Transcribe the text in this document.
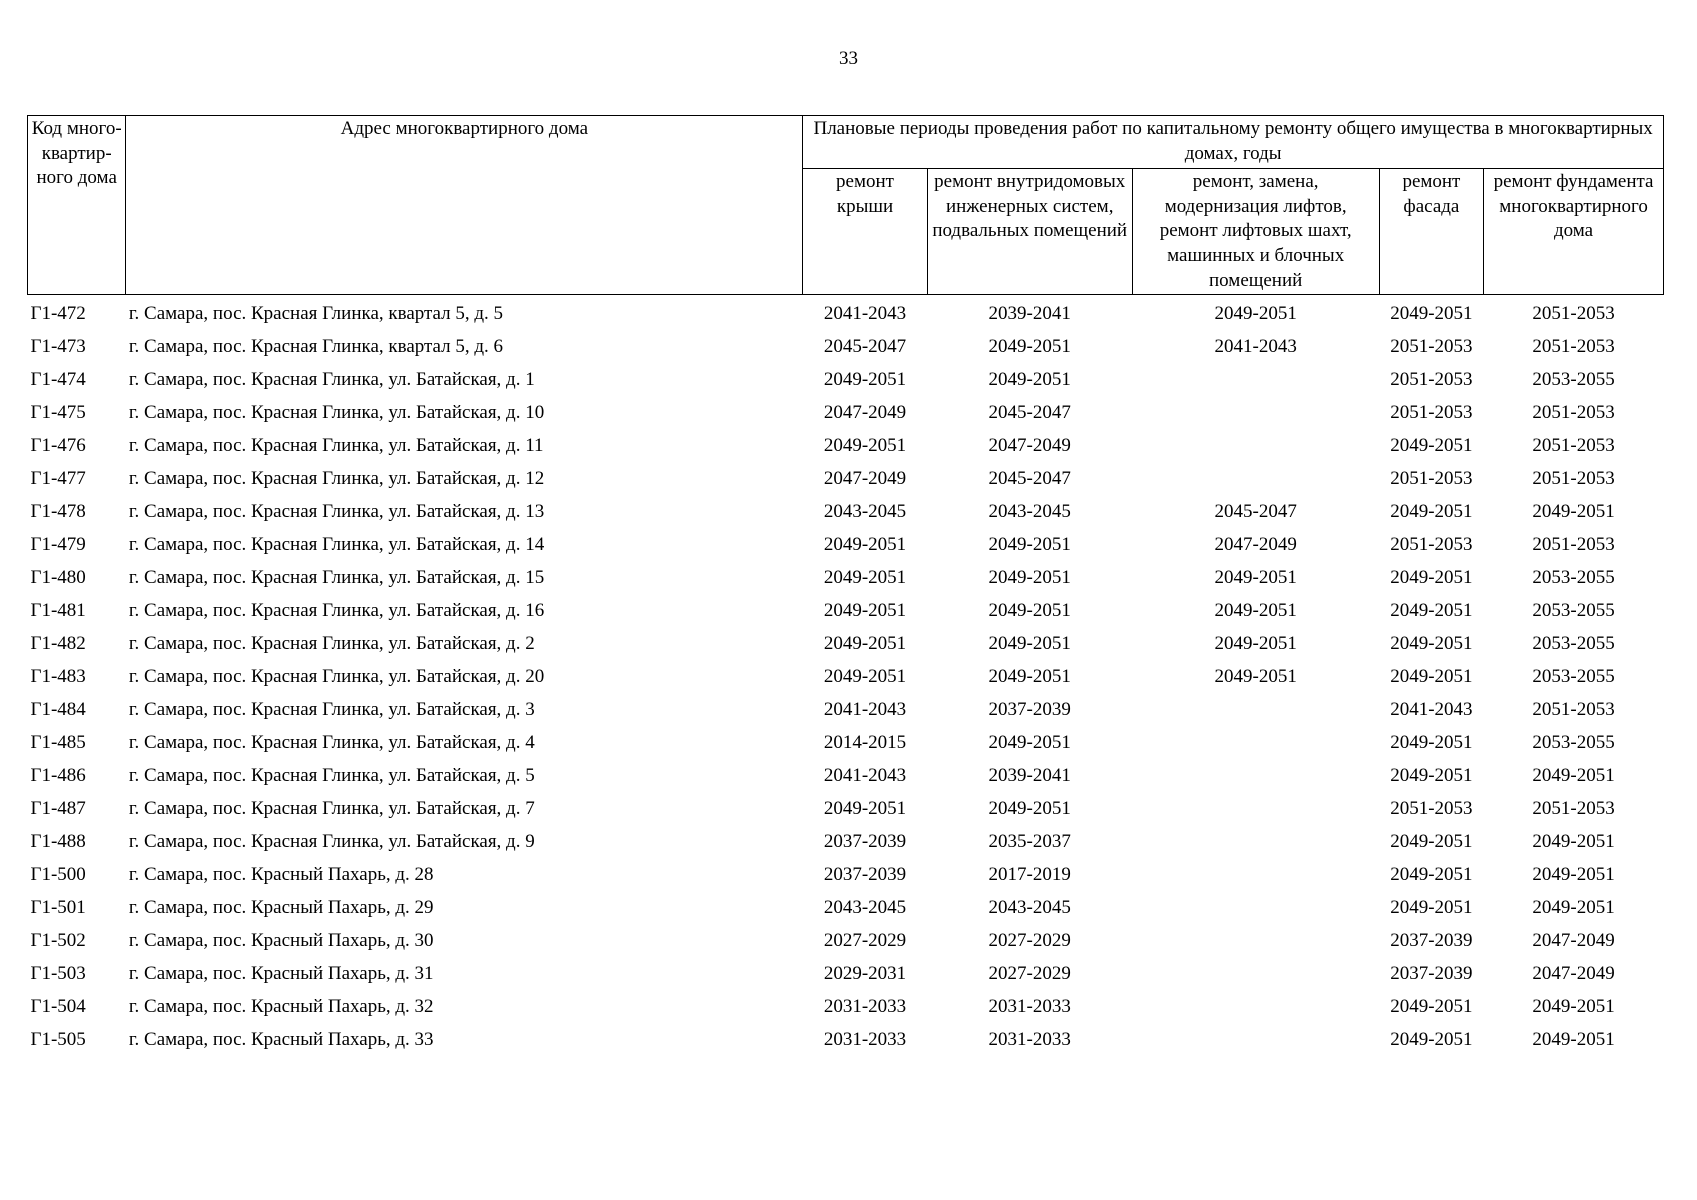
33
Код много-квартир-ного дома	Адрес многоквартирного дома	Плановые периоды проведения работ по капитальному ремонту общего имущества в многоквартирных домах, годы				
		ремонт крыши	ремонт внутридомовых инженерных систем, подвальных помещений	ремонт, замена, модернизация лифтов, ремонт лифтовых шахт, машинных и блочных помещений	ремонт фасада	ремонт фундамента многоквартирного дома
Г1-472	г. Самара, пос. Красная Глинка, квартал 5, д. 5	2041-2043	2039-2041	2049-2051	2049-2051	2051-2053
Г1-473	г. Самара, пос. Красная Глинка, квартал 5, д. 6	2045-2047	2049-2051	2041-2043	2051-2053	2051-2053
Г1-474	г. Самара, пос. Красная Глинка, ул. Батайская, д. 1	2049-2051	2049-2051		2051-2053	2053-2055
Г1-475	г. Самара, пос. Красная Глинка, ул. Батайская, д. 10	2047-2049	2045-2047		2051-2053	2051-2053
Г1-476	г. Самара, пос. Красная Глинка, ул. Батайская, д. 11	2049-2051	2047-2049		2049-2051	2051-2053
Г1-477	г. Самара, пос. Красная Глинка, ул. Батайская, д. 12	2047-2049	2045-2047		2051-2053	2051-2053
Г1-478	г. Самара, пос. Красная Глинка, ул. Батайская, д. 13	2043-2045	2043-2045	2045-2047	2049-2051	2049-2051
Г1-479	г. Самара, пос. Красная Глинка, ул. Батайская, д. 14	2049-2051	2049-2051	2047-2049	2051-2053	2051-2053
Г1-480	г. Самара, пос. Красная Глинка, ул. Батайская, д. 15	2049-2051	2049-2051	2049-2051	2049-2051	2053-2055
Г1-481	г. Самара, пос. Красная Глинка, ул. Батайская, д. 16	2049-2051	2049-2051	2049-2051	2049-2051	2053-2055
Г1-482	г. Самара, пос. Красная Глинка, ул. Батайская, д. 2	2049-2051	2049-2051	2049-2051	2049-2051	2053-2055
Г1-483	г. Самара, пос. Красная Глинка, ул. Батайская, д. 20	2049-2051	2049-2051	2049-2051	2049-2051	2053-2055
Г1-484	г. Самара, пос. Красная Глинка, ул. Батайская, д. 3	2041-2043	2037-2039		2041-2043	2051-2053
Г1-485	г. Самара, пос. Красная Глинка, ул. Батайская, д. 4	2014-2015	2049-2051		2049-2051	2053-2055
Г1-486	г. Самара, пос. Красная Глинка, ул. Батайская, д. 5	2041-2043	2039-2041		2049-2051	2049-2051
Г1-487	г. Самара, пос. Красная Глинка, ул. Батайская, д. 7	2049-2051	2049-2051		2051-2053	2051-2053
Г1-488	г. Самара, пос. Красная Глинка, ул. Батайская, д. 9	2037-2039	2035-2037		2049-2051	2049-2051
Г1-500	г. Самара, пос. Красный Пахарь, д. 28	2037-2039	2017-2019		2049-2051	2049-2051
Г1-501	г. Самара, пос. Красный Пахарь, д. 29	2043-2045	2043-2045		2049-2051	2049-2051
Г1-502	г. Самара, пос. Красный Пахарь, д. 30	2027-2029	2027-2029		2037-2039	2047-2049
Г1-503	г. Самара, пос. Красный Пахарь, д. 31	2029-2031	2027-2029		2037-2039	2047-2049
Г1-504	г. Самара, пос. Красный Пахарь, д. 32	2031-2033	2031-2033		2049-2051	2049-2051
Г1-505	г. Самара, пос. Красный Пахарь, д. 33	2031-2033	2031-2033		2049-2051	2049-2051
